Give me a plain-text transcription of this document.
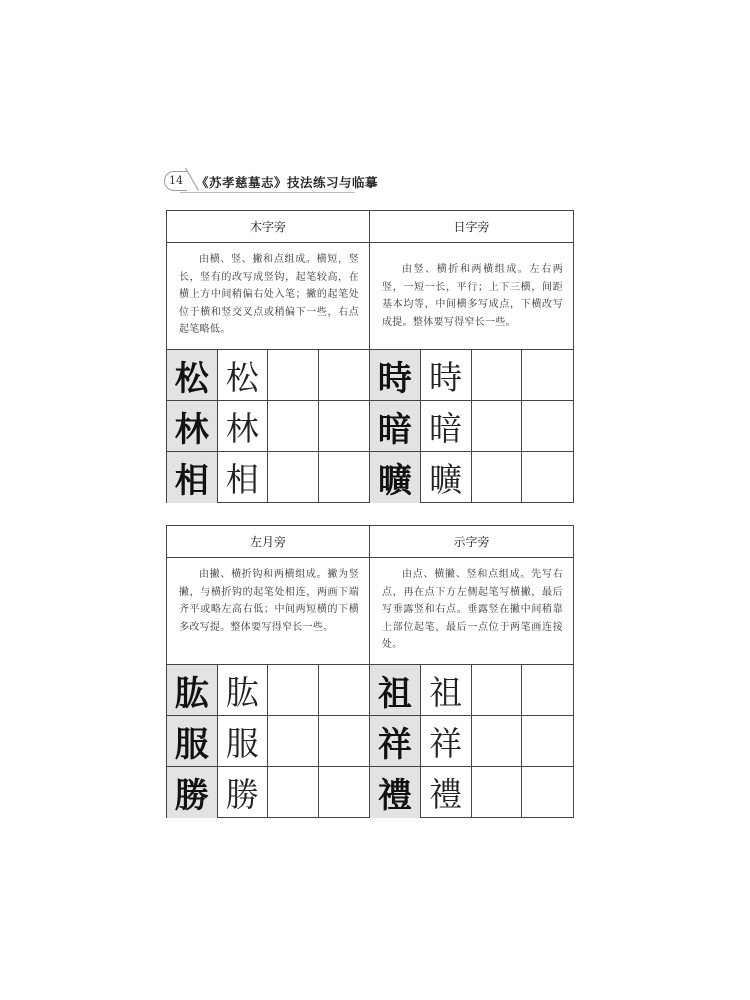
14	《苏孝慈墓志》技法练习与临摹
木字旁
由横、竖、撇和点组成。横短，竖长，竖有的改写成竖钩，起笔较高，在横上方中间稍偏右处入笔；撇的起笔处位于横和竖交叉点或稍偏下一些，右点起笔略低。
松 松
林 林
相 相
日字旁
由竖、横折和两横组成。左右两竖，一短一长，平行；上下三横，间距基本均等，中间横多写成点，下横改写成提。整体要写得窄长一些。
時 時
暗 暗
曠 曠
左月旁
由撇、横折钩和两横组成。撇为竖撇，与横折钩的起笔处相连，两画下端齐平或略左高右低；中间两短横的下横多改写提。整体要写得窄长一些。
肱 肱
服 服
勝 勝
示字旁
由点、横撇、竖和点组成。先写右点，再在点下方左侧起笔写横撇，最后写垂露竖和右点。垂露竖在撇中间稍靠上部位起笔，最后一点位于两笔画连接处。
祖 祖
祥 祥
禮 禮
